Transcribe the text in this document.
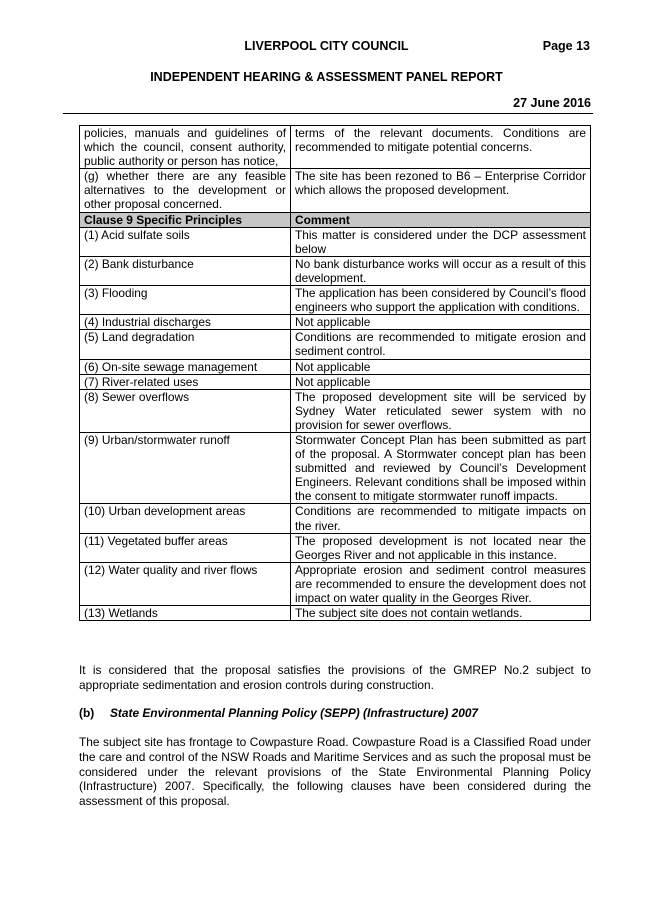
LIVERPOOL CITY COUNCIL	Page 13
INDEPENDENT HEARING & ASSESSMENT PANEL REPORT
27 June 2016
policies, manuals and guidelines of which the council, consent authority, public authority or person has notice,	terms of the relevant documents. Conditions are recommended to mitigate potential concerns.
(g) whether there are any feasible alternatives to the development or other proposal concerned.	The site has been rezoned to B6 – Enterprise Corridor which allows the proposed development.
Clause 9 Specific Principles	Comment
(1) Acid sulfate soils	This matter is considered under the DCP assessment below
(2) Bank disturbance	No bank disturbance works will occur as a result of this development.
(3) Flooding	The application has been considered by Council’s flood engineers who support the application with conditions.
(4) Industrial discharges	Not applicable
(5) Land degradation	Conditions are recommended to mitigate erosion and sediment control.
(6) On-site sewage management	Not applicable
(7) River-related uses	Not applicable
(8) Sewer overflows	The proposed development site will be serviced by Sydney Water reticulated sewer system with no provision for sewer overflows.
(9) Urban/stormwater runoff	Stormwater Concept Plan has been submitted as part of the proposal. A Stormwater concept plan has been submitted and reviewed by Council’s Development Engineers. Relevant conditions shall be imposed within the consent to mitigate stormwater runoff impacts.
(10) Urban development areas	Conditions are recommended to mitigate impacts on the river.
(11) Vegetated buffer areas	The proposed development is not located near the Georges River and not applicable in this instance.
(12) Water quality and river flows	Appropriate erosion and sediment control measures are recommended to ensure the development does not impact on water quality in the Georges River.
(13) Wetlands	The subject site does not contain wetlands.
It is considered that the proposal satisfies the provisions of the GMREP No.2 subject to appropriate sedimentation and erosion controls during construction.
(b) State Environmental Planning Policy (SEPP) (Infrastructure) 2007
The subject site has frontage to Cowpasture Road. Cowpasture Road is a Classified Road under the care and control of the NSW Roads and Maritime Services and as such the proposal must be considered under the relevant provisions of the State Environmental Planning Policy (Infrastructure) 2007. Specifically, the following clauses have been considered during the assessment of this proposal.
